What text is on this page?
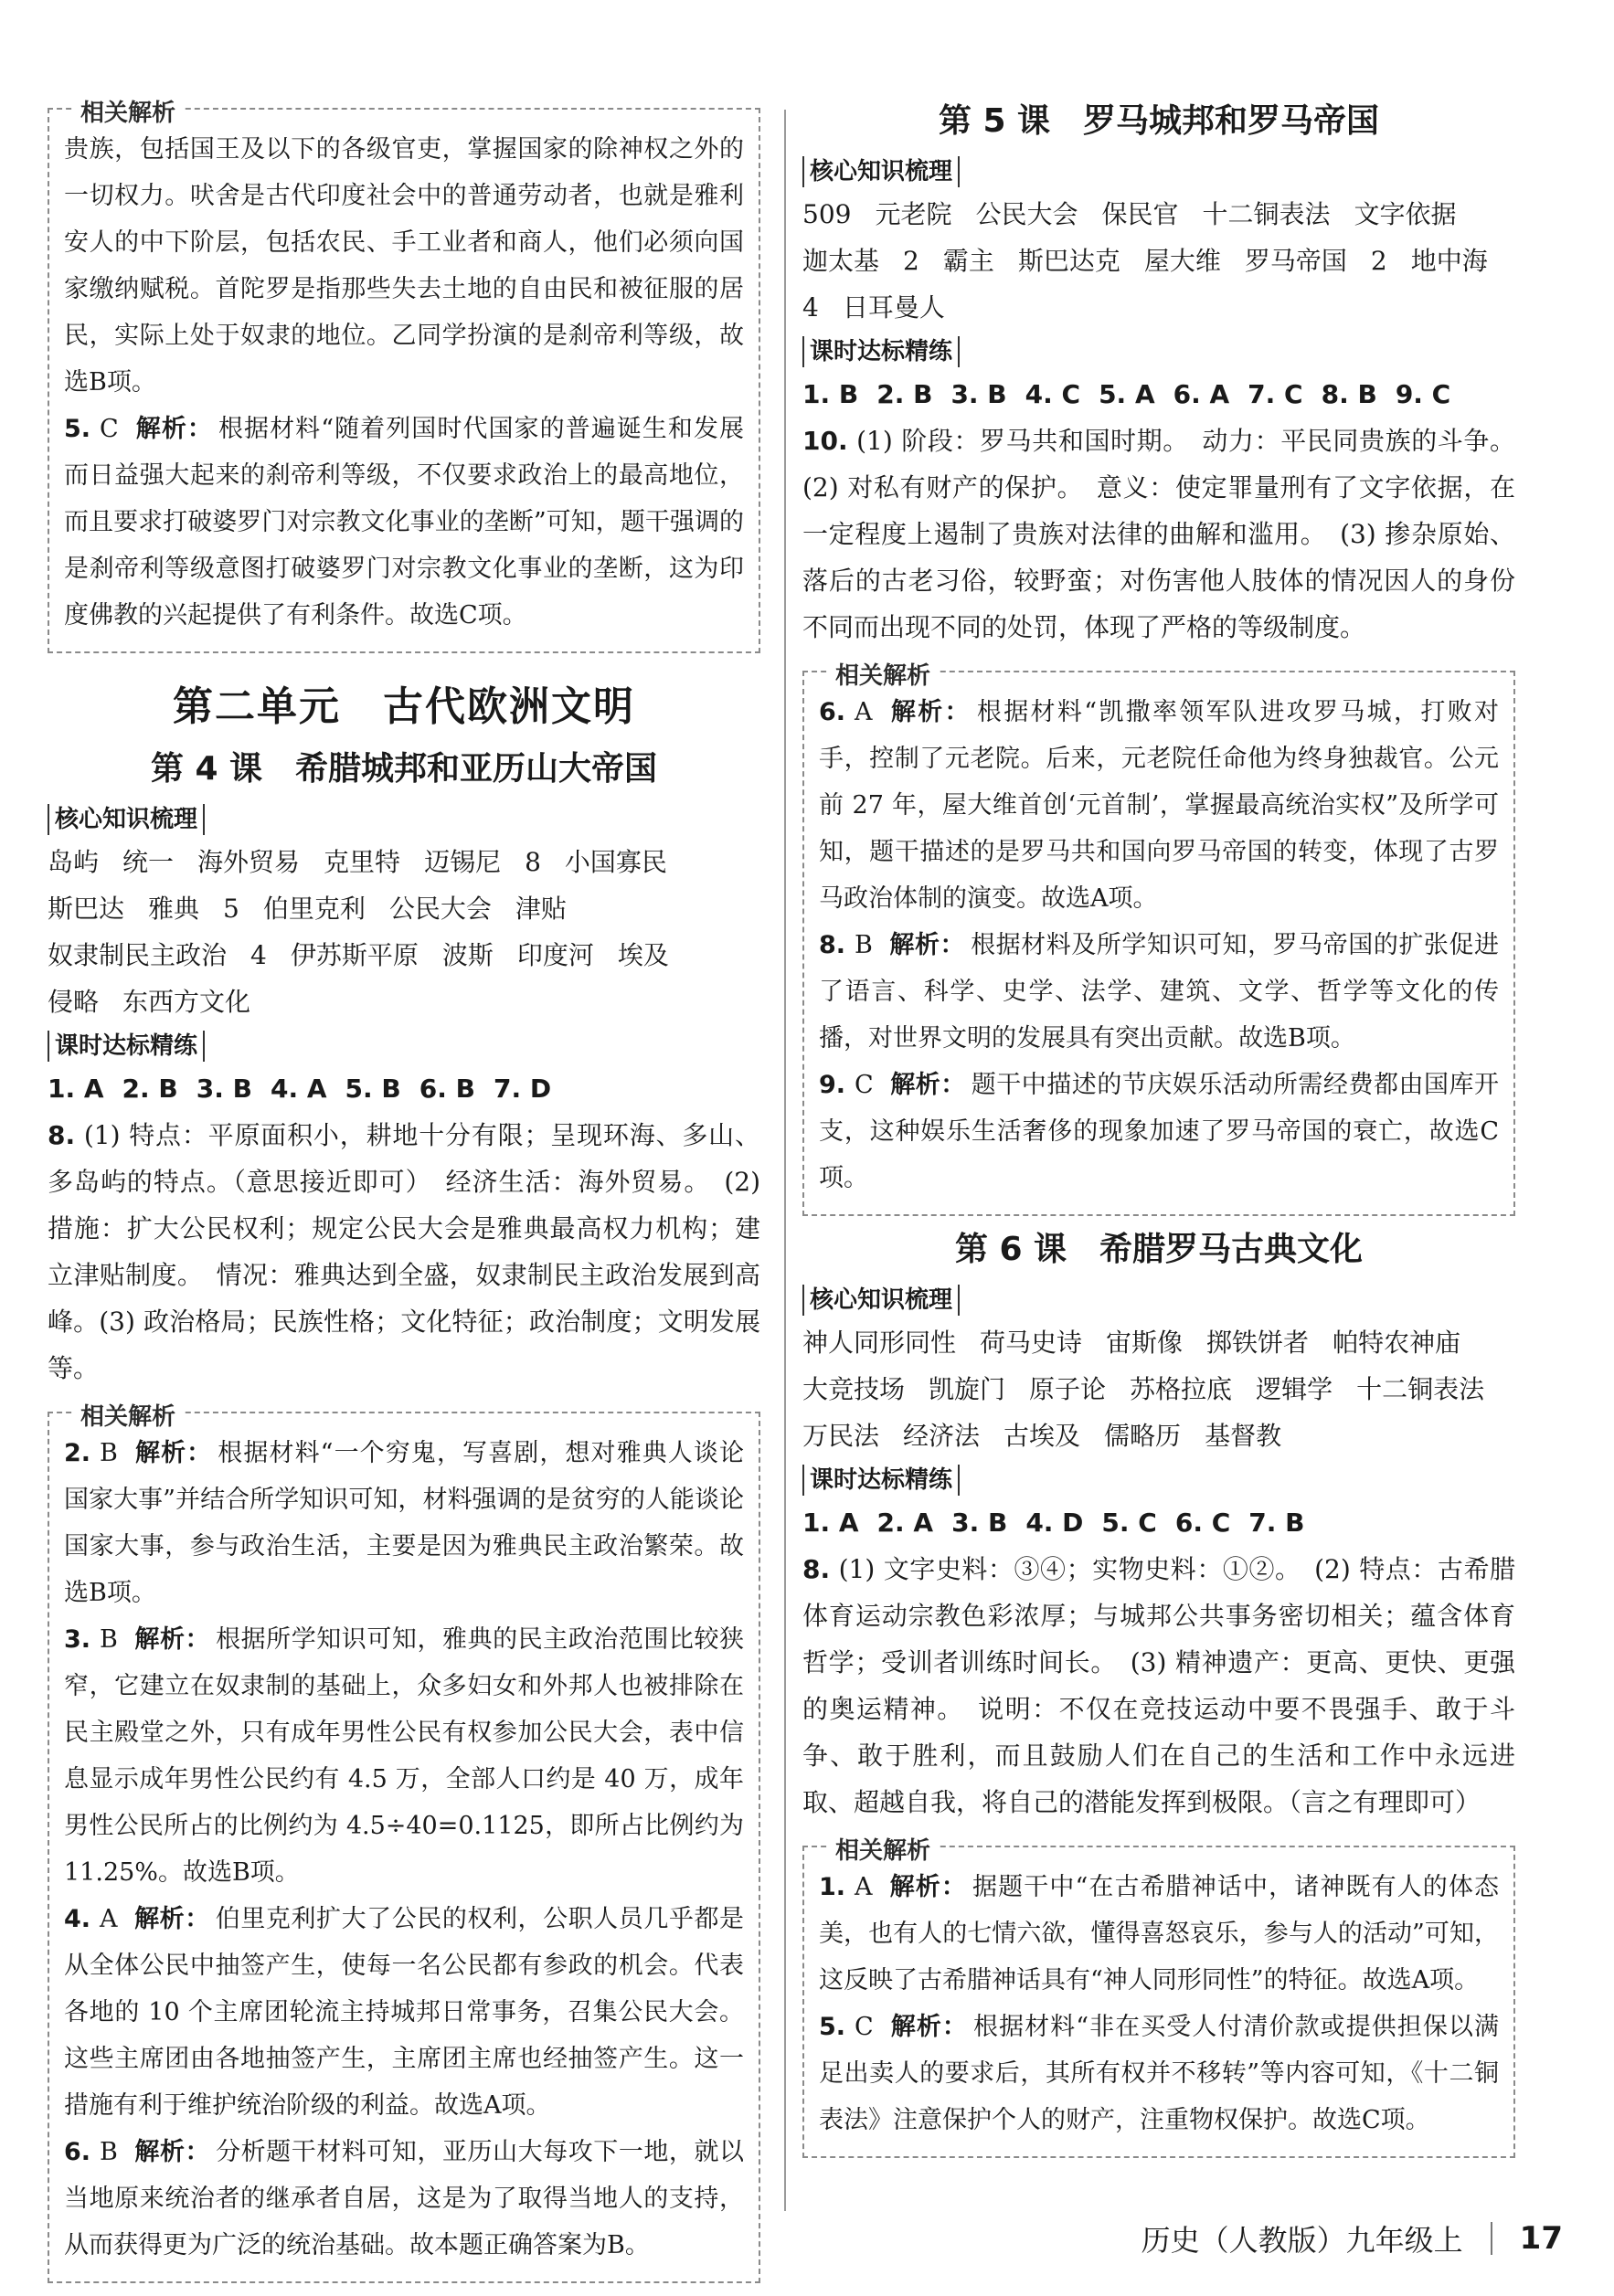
相关解析

贵族，包括国王及以下的各级官吏，掌握国家的除神权之外的一切权力。吠舍是古代印度社会中的普通劳动者，也就是雅利安人的中下阶层，包括农民、手工业者和商人，他们必须向国家缴纳赋税。首陀罗是指那些失去土地的自由民和被征服的居民，实际上处于奴隶的地位。乙同学扮演的是刹帝利等级，故选B项。

5. C 解析： 根据材料“随着列国时代国家的普遍诞生和发展而日益强大起来的刹帝利等级，不仅要求政治上的最高地位，而且要求打破婆罗门对宗教文化事业的垄断”可知，题干强调的是刹帝利等级意图打破婆罗门对宗教文化事业的垄断，这为印度佛教的兴起提供了有利条件。故选C项。

第二单元　古代欧洲文明
第 4 课　希腊城邦和亚历山大帝国
核心知识梳理

岛屿 统一 海外贸易 克里特 迈锡尼 8 小国寡民斯巴达 雅典 5 伯里克利 公民大会 津贴奴隶制民主政治 4 伊苏斯平原 波斯 印度河 埃及侵略 东西方文化

课时达标精练

1. A 2. B 3. B 4. A 5. B 6. B 7. D

8. (1) 特点：平原面积小，耕地十分有限；呈现环海、多山、多岛屿的特点。（意思接近即可）　经济生活：海外贸易。　(2) 措施：扩大公民权利；规定公民大会是雅典最高权力机构；建立津贴制度。　情况：雅典达到全盛，奴隶制民主政治发展到高峰。(3) 政治格局；民族性格；文化特征；政治制度；文明发展等。

相关解析

2. B 解析： 根据材料“一个穷鬼，写喜剧，想对雅典人谈论国家大事”并结合所学知识可知，材料强调的是贫穷的人能谈论国家大事，参与政治生活，主要是因为雅典民主政治繁荣。故选B项。

3. B 解析： 根据所学知识可知，雅典的民主政治范围比较狭窄，它建立在奴隶制的基础上，众多妇女和外邦人也被排除在民主殿堂之外，只有成年男性公民有权参加公民大会，表中信息显示成年男性公民约有 4.5 万，全部人口约是 40 万，成年男性公民所占的比例约为 4.5÷40=0.1125，即所占比例约为 11.25%。故选B项。

4. A 解析： 伯里克利扩大了公民的权利，公职人员几乎都是从全体公民中抽签产生，使每一名公民都有参政的机会。代表各地的 10 个主席团轮流主持城邦日常事务，召集公民大会。这些主席团由各地抽签产生，主席团主席也经抽签产生。这一措施有利于维护统治阶级的利益。故选A项。

6. B 解析： 分析题干材料可知，亚历山大每攻下一地，就以当地原来统治者的继承者自居，这是为了取得当地人的支持，从而获得更为广泛的统治基础。故本题正确答案为B。

第 5 课　罗马城邦和罗马帝国
核心知识梳理

509 元老院 公民大会 保民官 十二铜表法 文字依据迦太基 2 霸主 斯巴达克 屋大维 罗马帝国 2 地中海4 日耳曼人

课时达标精练

1. B 2. B 3. B 4. C 5. A 6. A 7. C 8. B 9. C

10. (1) 阶段：罗马共和国时期。　动力：平民同贵族的斗争。(2) 对私有财产的保护。　意义：使定罪量刑有了文字依据，在一定程度上遏制了贵族对法律的曲解和滥用。　(3) 掺杂原始、落后的古老习俗，较野蛮；对伤害他人肢体的情况因人的身份不同而出现不同的处罚，体现了严格的等级制度。

相关解析

6. A 解析： 根据材料“凯撒率领军队进攻罗马城，打败对手，控制了元老院。后来，元老院任命他为终身独裁官。公元前 27 年，屋大维首创‘元首制’，掌握最高统治实权”及所学可知，题干描述的是罗马共和国向罗马帝国的转变，体现了古罗马政治体制的演变。故选A项。

8. B 解析： 根据材料及所学知识可知，罗马帝国的扩张促进了语言、科学、史学、法学、建筑、文学、哲学等文化的传播，对世界文明的发展具有突出贡献。故选B项。

9. C 解析： 题干中描述的节庆娱乐活动所需经费都由国库开支，这种娱乐生活奢侈的现象加速了罗马帝国的衰亡，故选C项。

第 6 课　希腊罗马古典文化
核心知识梳理

神人同形同性 荷马史诗 宙斯像 掷铁饼者 帕特农神庙大竞技场 凯旋门 原子论 苏格拉底 逻辑学 十二铜表法万民法 经济法 古埃及 儒略历 基督教

课时达标精练

1. A 2. A 3. B 4. D 5. C 6. C 7. B

8. (1) 文字史料：③④；实物史料：①②。　(2) 特点：古希腊体育运动宗教色彩浓厚；与城邦公共事务密切相关；蕴含体育哲学；受训者训练时间长。　(3) 精神遗产：更高、更快、更强的奥运精神。　说明：不仅在竞技运动中要不畏强手、敢于斗争、敢于胜利，而且鼓励人们在自己的生活和工作中永远进取、超越自我，将自己的潜能发挥到极限。（言之有理即可）

相关解析

1. A 解析： 据题干中“在古希腊神话中，诸神既有人的体态美，也有人的七情六欲，懂得喜怒哀乐，参与人的活动”可知，这反映了古希腊神话具有“神人同形同性”的特征。故选A项。

5. C 解析： 根据材料“非在买受人付清价款或提供担保以满足出卖人的要求后，其所有权并不移转”等内容可知，《十二铜表法》注意保护个人的财产，注重物权保护。故选C项。

历史（人教版）九年级上 17
